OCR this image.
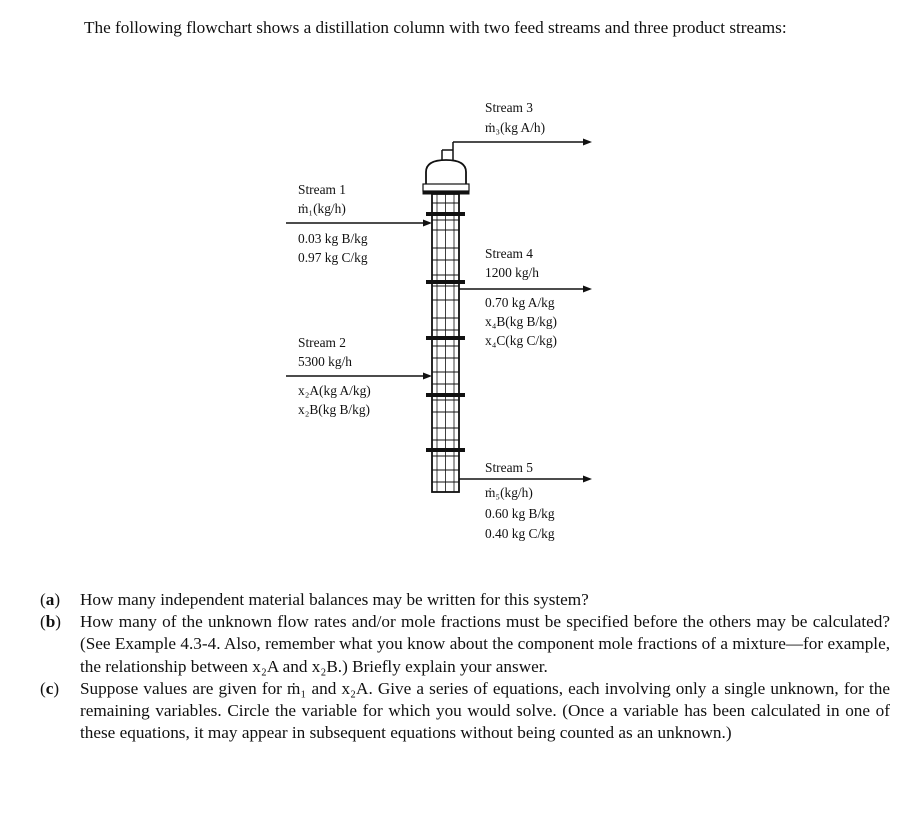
The following flowchart shows a distillation column with two feed streams and three product streams:
Stream 1
ṁ₁(kg/h)
0.03 kg B/kg
0.97 kg C/kg
Stream 2
5300 kg/h
x₂A(kg A/kg)
x₂B(kg B/kg)
Stream 3
ṁ₃(kg A/h)
Stream 4
1200 kg/h
0.70 kg A/kg
x₄B(kg B/kg)
x₄C(kg C/kg)
Stream 5
ṁ₅(kg/h)
0.60 kg B/kg
0.40 kg C/kg

(a) How many independent material balances may be written for this system?

(b) How many of the unknown flow rates and/or mole fractions must be specified before the others may be calculated? (See Example 4.3-4. Also, remember what you know about the component mole fractions of a mixture—for example, the relationship between x₂A and x₂B.) Briefly explain your answer.

(c) Suppose values are given for ṁ₁ and x₂A. Give a series of equations, each involving only a single unknown, for the remaining variables. Circle the variable for which you would solve. (Once a variable has been calculated in one of these equations, it may appear in subsequent equations without being counted as an unknown.)
